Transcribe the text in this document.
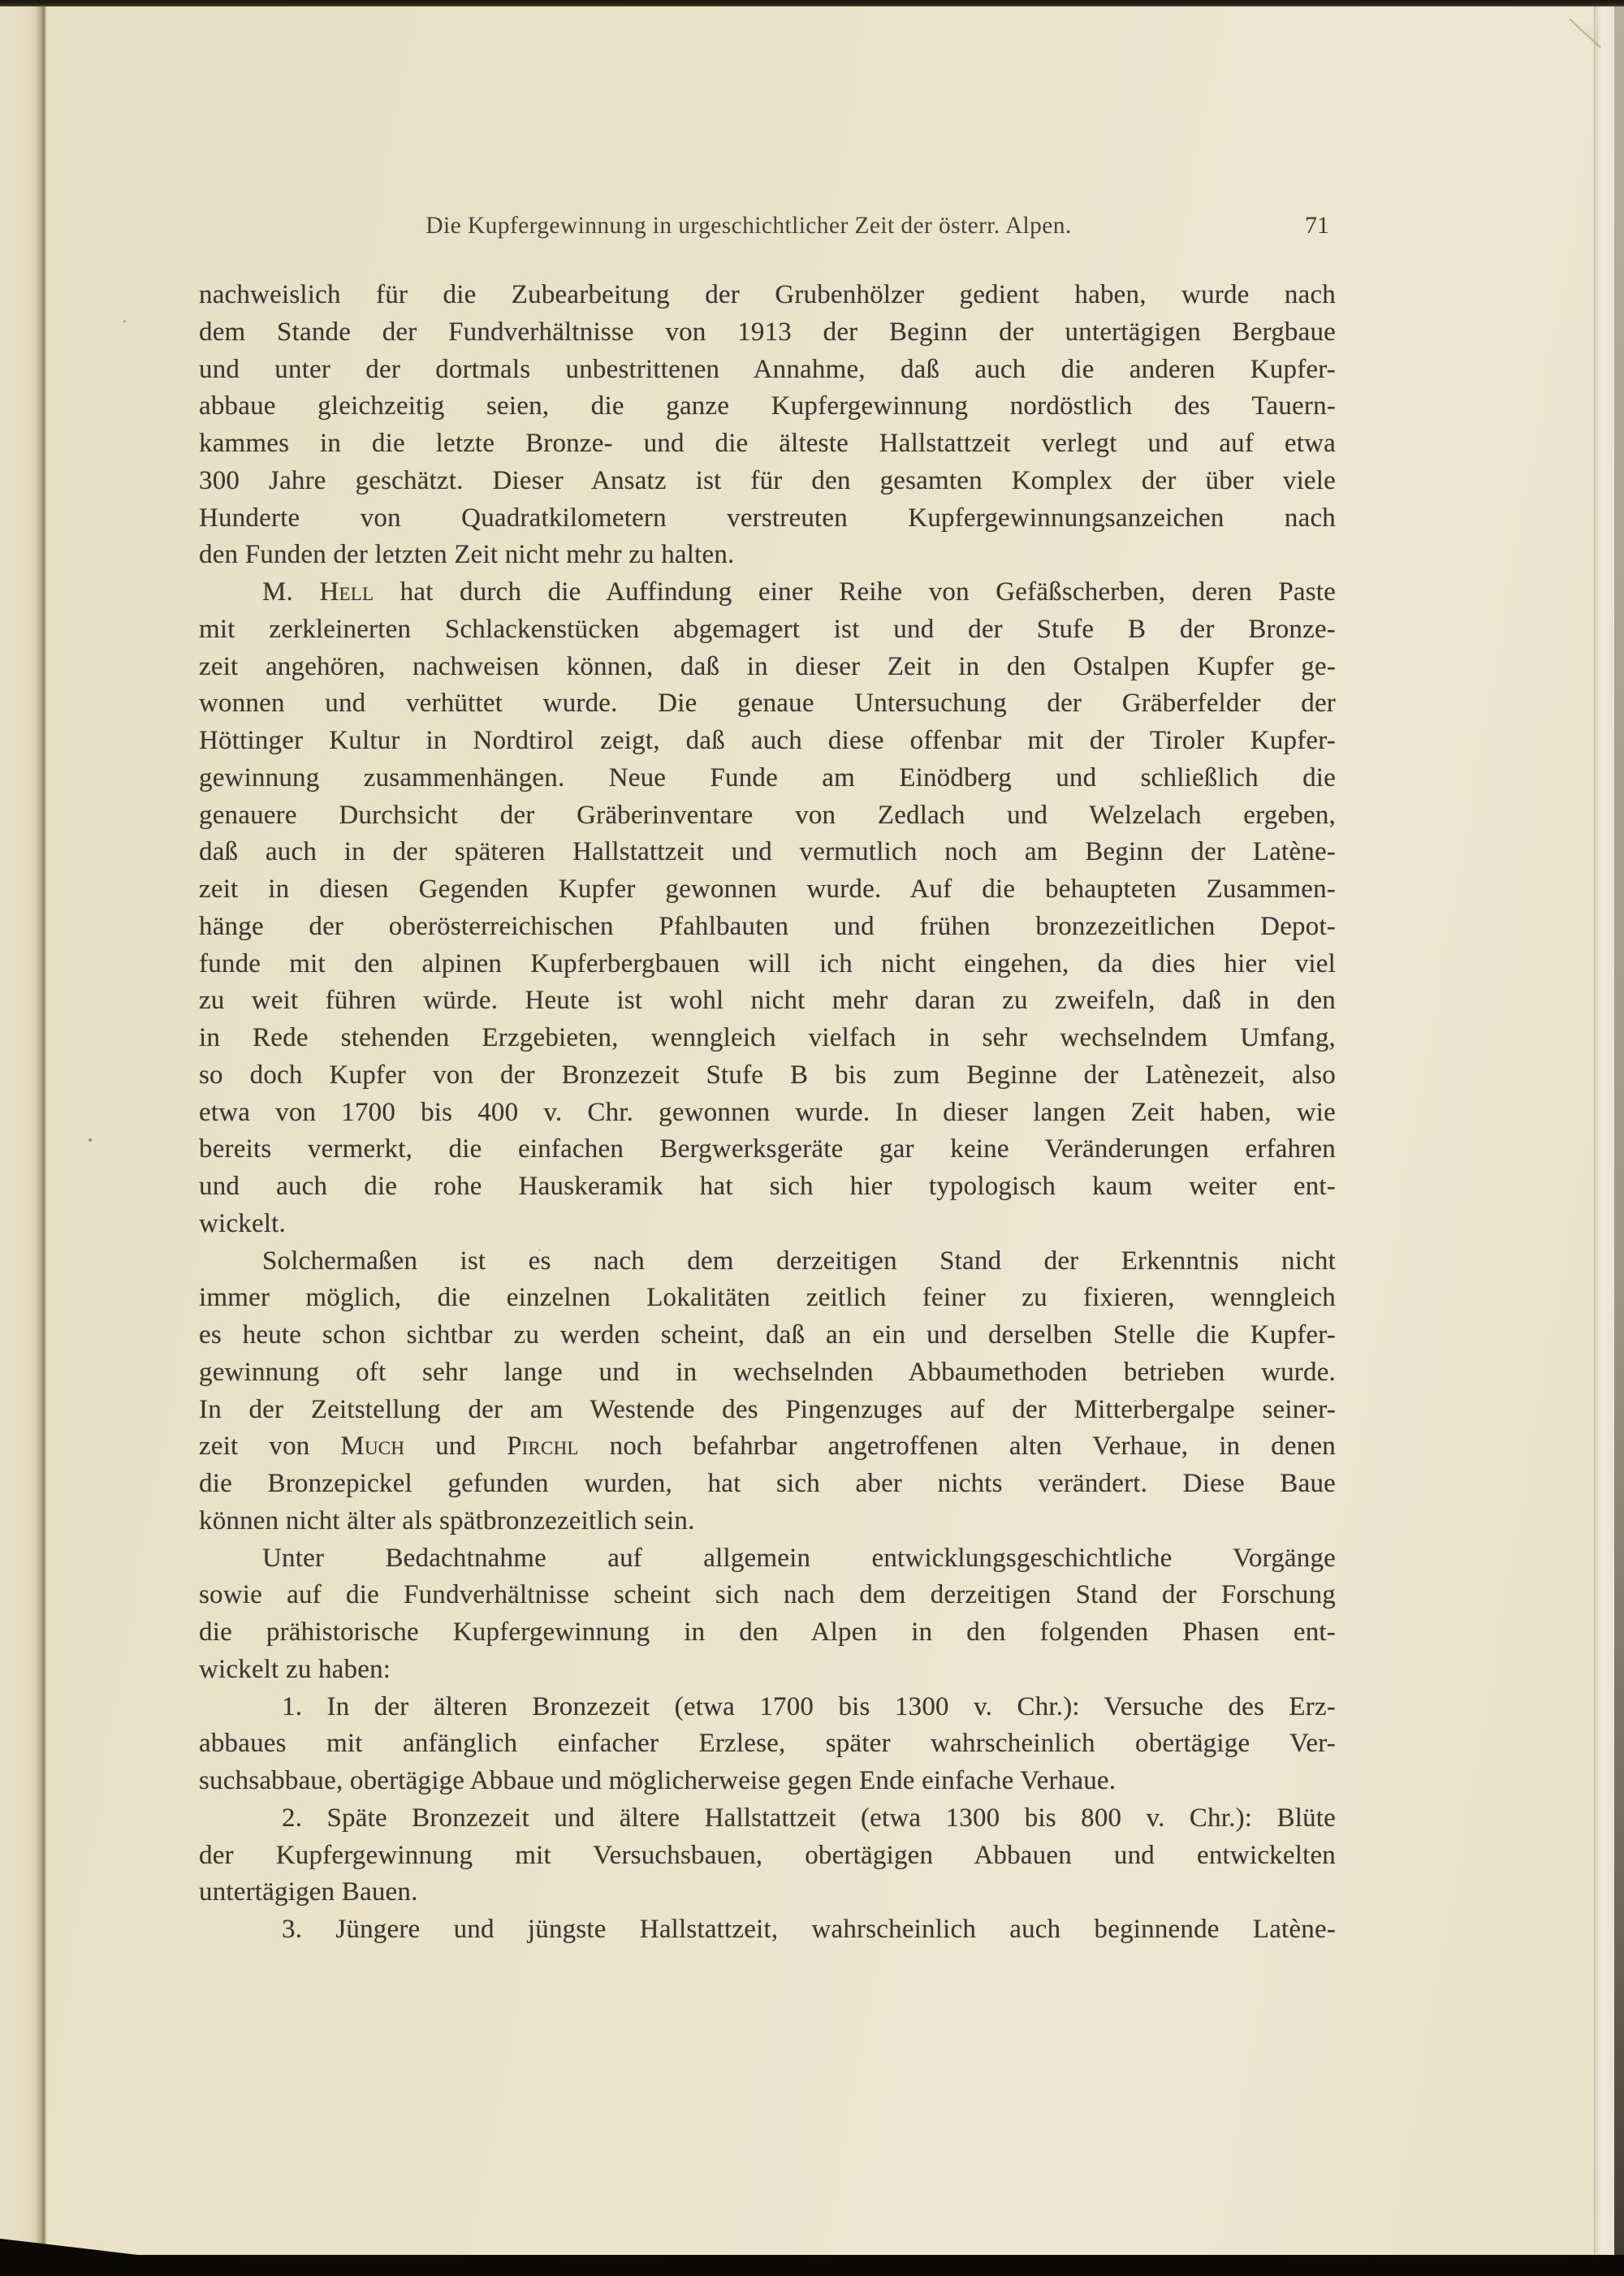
Die Kupfergewinnung in urgeschichtlicher Zeit der österr. Alpen.	71
nachweislich für die Zubearbeitung der Grubenhölzer gedient haben, wurde nach
dem Stande der Fundverhältnisse von 1913 der Beginn der untertägigen Bergbaue
und unter der dortmals unbestrittenen Annahme, daß auch die anderen Kupfer-
abbaue gleichzeitig seien, die ganze Kupfergewinnung nordöstlich des Tauern-
kammes in die letzte Bronze- und die älteste Hallstattzeit verlegt und auf etwa
300 Jahre geschätzt. Dieser Ansatz ist für den gesamten Komplex der über viele
Hunderte von Quadratkilometern verstreuten Kupfergewinnungsanzeichen nach
den Funden der letzten Zeit nicht mehr zu halten.
M. Hell hat durch die Auffindung einer Reihe von Gefäßscherben, deren Paste
mit zerkleinerten Schlackenstücken abgemagert ist und der Stufe B der Bronze-
zeit angehören, nachweisen können, daß in dieser Zeit in den Ostalpen Kupfer ge-
wonnen und verhüttet wurde. Die genaue Untersuchung der Gräberfelder der
Höttinger Kultur in Nordtirol zeigt, daß auch diese offenbar mit der Tiroler Kupfer-
gewinnung zusammenhängen. Neue Funde am Einödberg und schließlich die
genauere Durchsicht der Gräberinventare von Zedlach und Welzelach ergeben,
daß auch in der späteren Hallstattzeit und vermutlich noch am Beginn der Latène-
zeit in diesen Gegenden Kupfer gewonnen wurde. Auf die behaupteten Zusammen-
hänge der oberösterreichischen Pfahlbauten und frühen bronzezeitlichen Depot-
funde mit den alpinen Kupferbergbauen will ich nicht eingehen, da dies hier viel
zu weit führen würde. Heute ist wohl nicht mehr daran zu zweifeln, daß in den
in Rede stehenden Erzgebieten, wenngleich vielfach in sehr wechselndem Umfang,
so doch Kupfer von der Bronzezeit Stufe B bis zum Beginne der Latènezeit, also
etwa von 1700 bis 400 v. Chr. gewonnen wurde. In dieser langen Zeit haben, wie
bereits vermerkt, die einfachen Bergwerksgeräte gar keine Veränderungen erfahren
und auch die rohe Hauskeramik hat sich hier typologisch kaum weiter ent-
wickelt.
Solchermaßen ist es nach dem derzeitigen Stand der Erkenntnis nicht
immer möglich, die einzelnen Lokalitäten zeitlich feiner zu fixieren, wenngleich
es heute schon sichtbar zu werden scheint, daß an ein und derselben Stelle die Kupfer-
gewinnung oft sehr lange und in wechselnden Abbaumethoden betrieben wurde.
In der Zeitstellung der am Westende des Pingenzuges auf der Mitterbergalpe seiner-
zeit von Much und Pirchl noch befahrbar angetroffenen alten Verhaue, in denen
die Bronzepickel gefunden wurden, hat sich aber nichts verändert. Diese Baue
können nicht älter als spätbronzezeitlich sein.
Unter Bedachtnahme auf allgemein entwicklungsgeschichtliche Vorgänge
sowie auf die Fundverhältnisse scheint sich nach dem derzeitigen Stand der Forschung
die prähistorische Kupfergewinnung in den Alpen in den folgenden Phasen ent-
wickelt zu haben:
1. In der älteren Bronzezeit (etwa 1700 bis 1300 v. Chr.): Versuche des Erz-
abbaues mit anfänglich einfacher Erzlese, später wahrscheinlich obertägige Ver-
suchsabbaue, obertägige Abbaue und möglicherweise gegen Ende einfache Verhaue.
2. Späte Bronzezeit und ältere Hallstattzeit (etwa 1300 bis 800 v. Chr.): Blüte
der Kupfergewinnung mit Versuchsbauen, obertägigen Abbauen und entwickelten
untertägigen Bauen.
3. Jüngere und jüngste Hallstattzeit, wahrscheinlich auch beginnende Latène-
